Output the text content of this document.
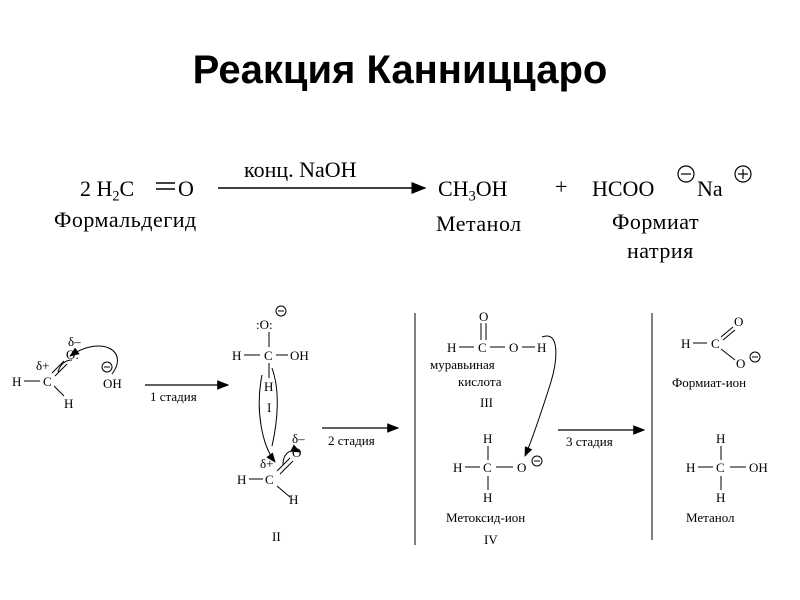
Реакция Канниццаро
2 $H_2C$ O
Формальдегид
конц. NaOH
$CH_3OH$
Метанол
+ HCOO Na
Формиат
натрия
δ–
O:
δ+
H C
H
OH
1 стадия
:O:
H C OH
H
I
δ–
O
δ+
H C
H
II
2 стадия
O
H C O H
муравьиная
кислота
III
H
H C O
H
Метоксид-ион
IV
3 стадия
O
H C
O
Формиат-ион
H
H C OH
H
Метанол
